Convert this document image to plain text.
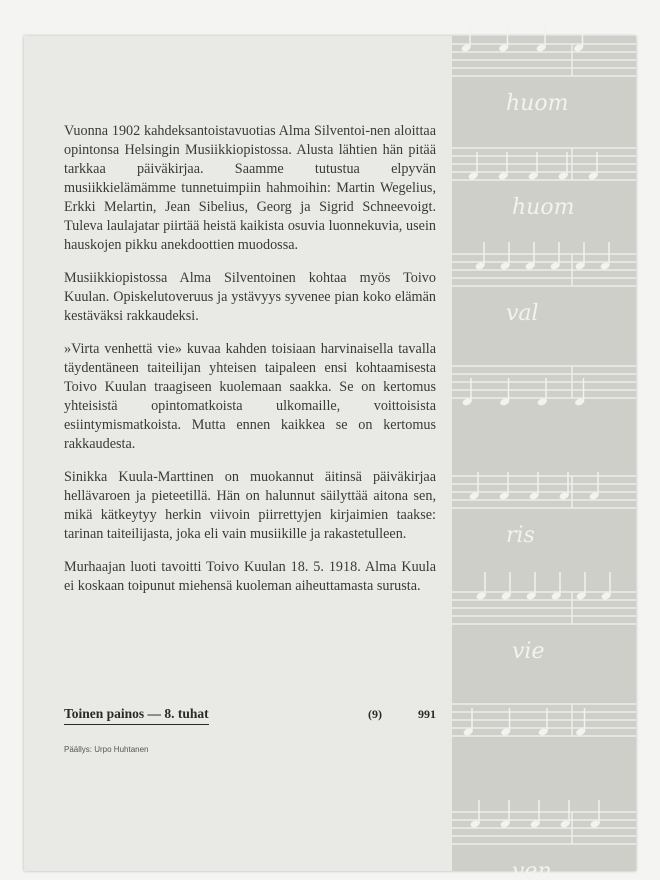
Vuonna 1902 kahdeksantoistavuotias Alma Silventoi-nen aloittaa opintonsa Helsingin Musiikkiopistossa. Alusta lähtien hän pitää tarkkaa päiväkirjaa. Saamme tutustua elpyvän musiikkielämämme tunnetuimpiin hahmoihin: Martin Wegelius, Erkki Melartin, Jean Sibelius, Georg ja Sigrid Schneevoigt. Tuleva laulajatar piirtää heistä kaikista osuvia luonnekuvia, usein hauskojen pikku anekdoottien muodossa.

Musiikkiopistossa Alma Silventoinen kohtaa myös Toivo Kuulan. Opiskelutoveruus ja ystävyys syvenee pian koko elämän kestäväksi rakkaudeksi.

»Virta venhettä vie» kuvaa kahden toisiaan harvinaisella tavalla täydentäneen taiteilijan yhteisen taipaleen ensi kohtaamisesta Toivo Kuulan traagiseen kuolemaan saakka. Se on kertomus yhteisistä opintomatkoista ulkomaille, voittoisista esiintymismatkoista. Mutta ennen kaikkea se on kertomus rakkaudesta.

Sinikka Kuula-Marttinen on muokannut äitinsä päiväkirjaa hellävaroen ja pieteetillä. Hän on halunnut säilyttää aitona sen, mikä kätkeytyy herkin viivoin piirrettyjen kirjaimien taakse: tarinan taiteilijasta, joka eli vain musiikille ja rakastetulleen.

Murhaajan luoti tavoitti Toivo Kuulan 18. 5. 1918. Alma Kuula ei koskaan toipunut miehensä kuoleman aiheuttamasta surusta.

Toinen painos — 8. tuhat	(9)	991
Päällys: Urpo Huhtanen
huom
huom
val
ris
vie
ven
